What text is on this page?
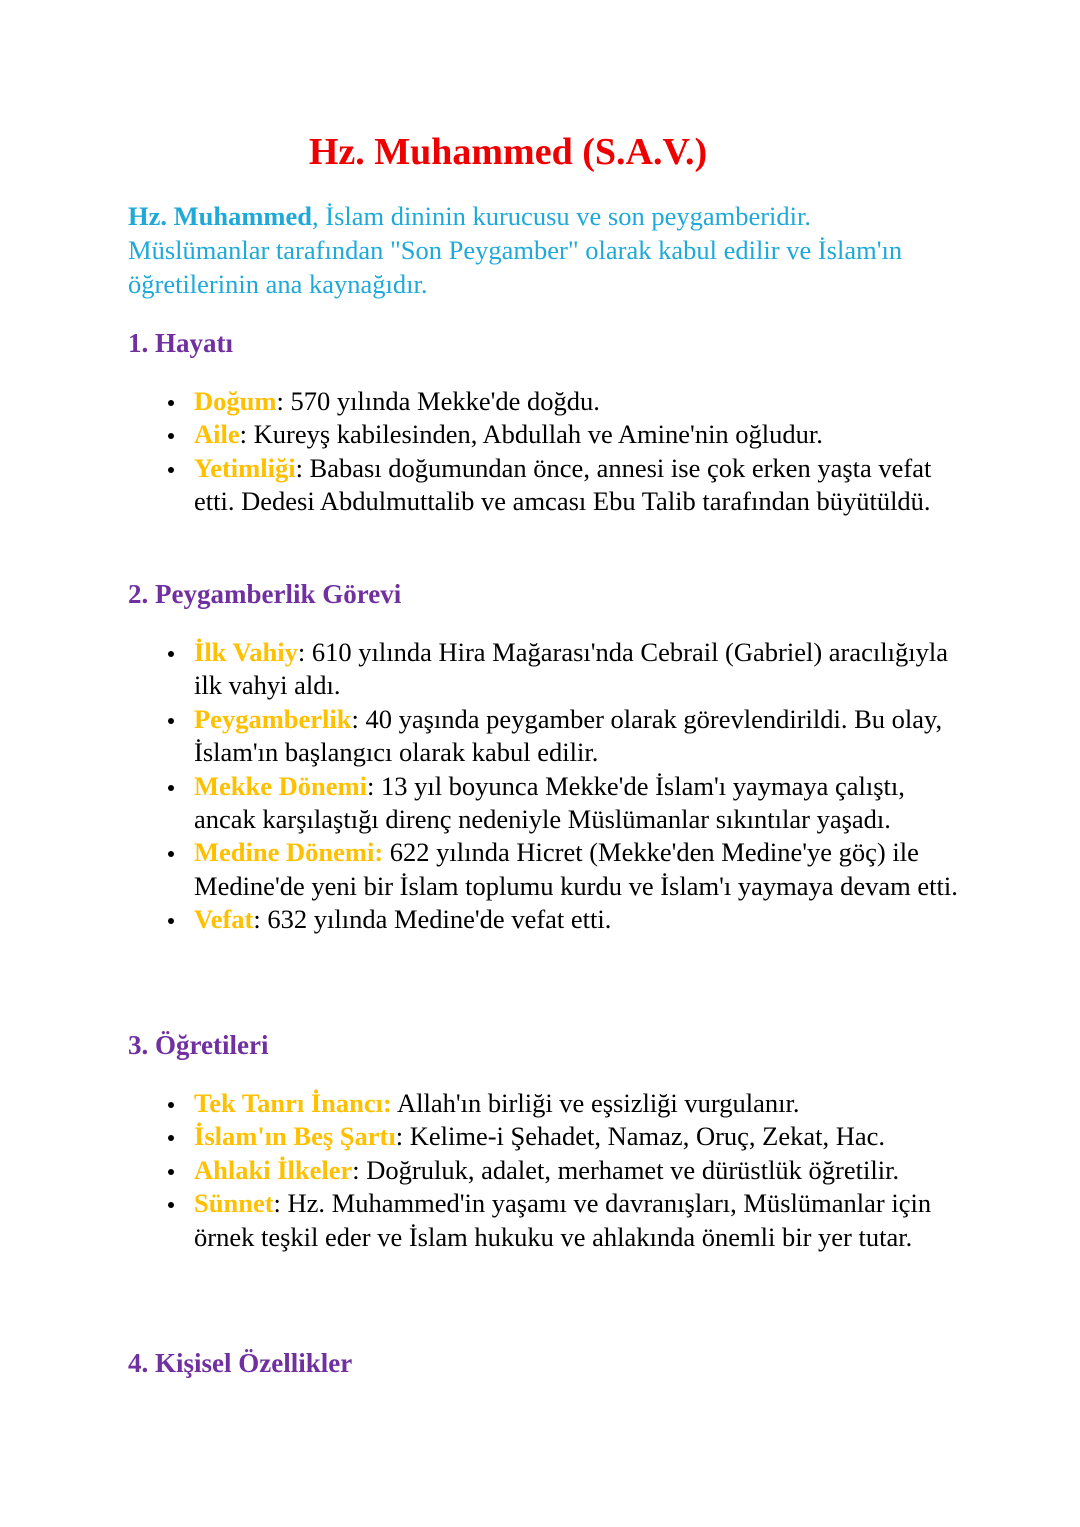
Hz. Muhammed (S.A.V.)

Hz. Muhammed, İslam dininin kurucusu ve son peygamberidir. Müslümanlar tarafından "Son Peygamber" olarak kabul edilir ve İslam'ın öğretilerinin ana kaynağıdır.

1. Hayatı
Doğum: 570 yılında Mekke'de doğdu.
Aile: Kureyş kabilesinden, Abdullah ve Amine'nin oğludur.
Yetimliği: Babası doğumundan önce, annesi ise çok erken yaşta vefat etti. Dedesi Abdulmuttalib ve amcası Ebu Talib tarafından büyütüldü.
2. Peygamberlik Görevi
İlk Vahiy: 610 yılında Hira Mağarası'nda Cebrail (Gabriel) aracılığıyla ilk vahyi aldı.
Peygamberlik: 40 yaşında peygamber olarak görevlendirildi. Bu olay, İslam'ın başlangıcı olarak kabul edilir.
Mekke Dönemi: 13 yıl boyunca Mekke'de İslam'ı yaymaya çalıştı, ancak karşılaştığı direnç nedeniyle Müslümanlar sıkıntılar yaşadı.
Medine Dönemi: 622 yılında Hicret (Mekke'den Medine'ye göç) ile Medine'de yeni bir İslam toplumu kurdu ve İslam'ı yaymaya devam etti.
Vefat: 632 yılında Medine'de vefat etti.
3. Öğretileri
Tek Tanrı İnancı: Allah'ın birliği ve eşsizliği vurgulanır.
İslam'ın Beş Şartı: Kelime-i Şehadet, Namaz, Oruç, Zekat, Hac.
Ahlaki İlkeler: Doğruluk, adalet, merhamet ve dürüstlük öğretilir.
Sünnet: Hz. Muhammed'in yaşamı ve davranışları, Müslümanlar için örnek teşkil eder ve İslam hukuku ve ahlakında önemli bir yer tutar.
4. Kişisel Özellikler
